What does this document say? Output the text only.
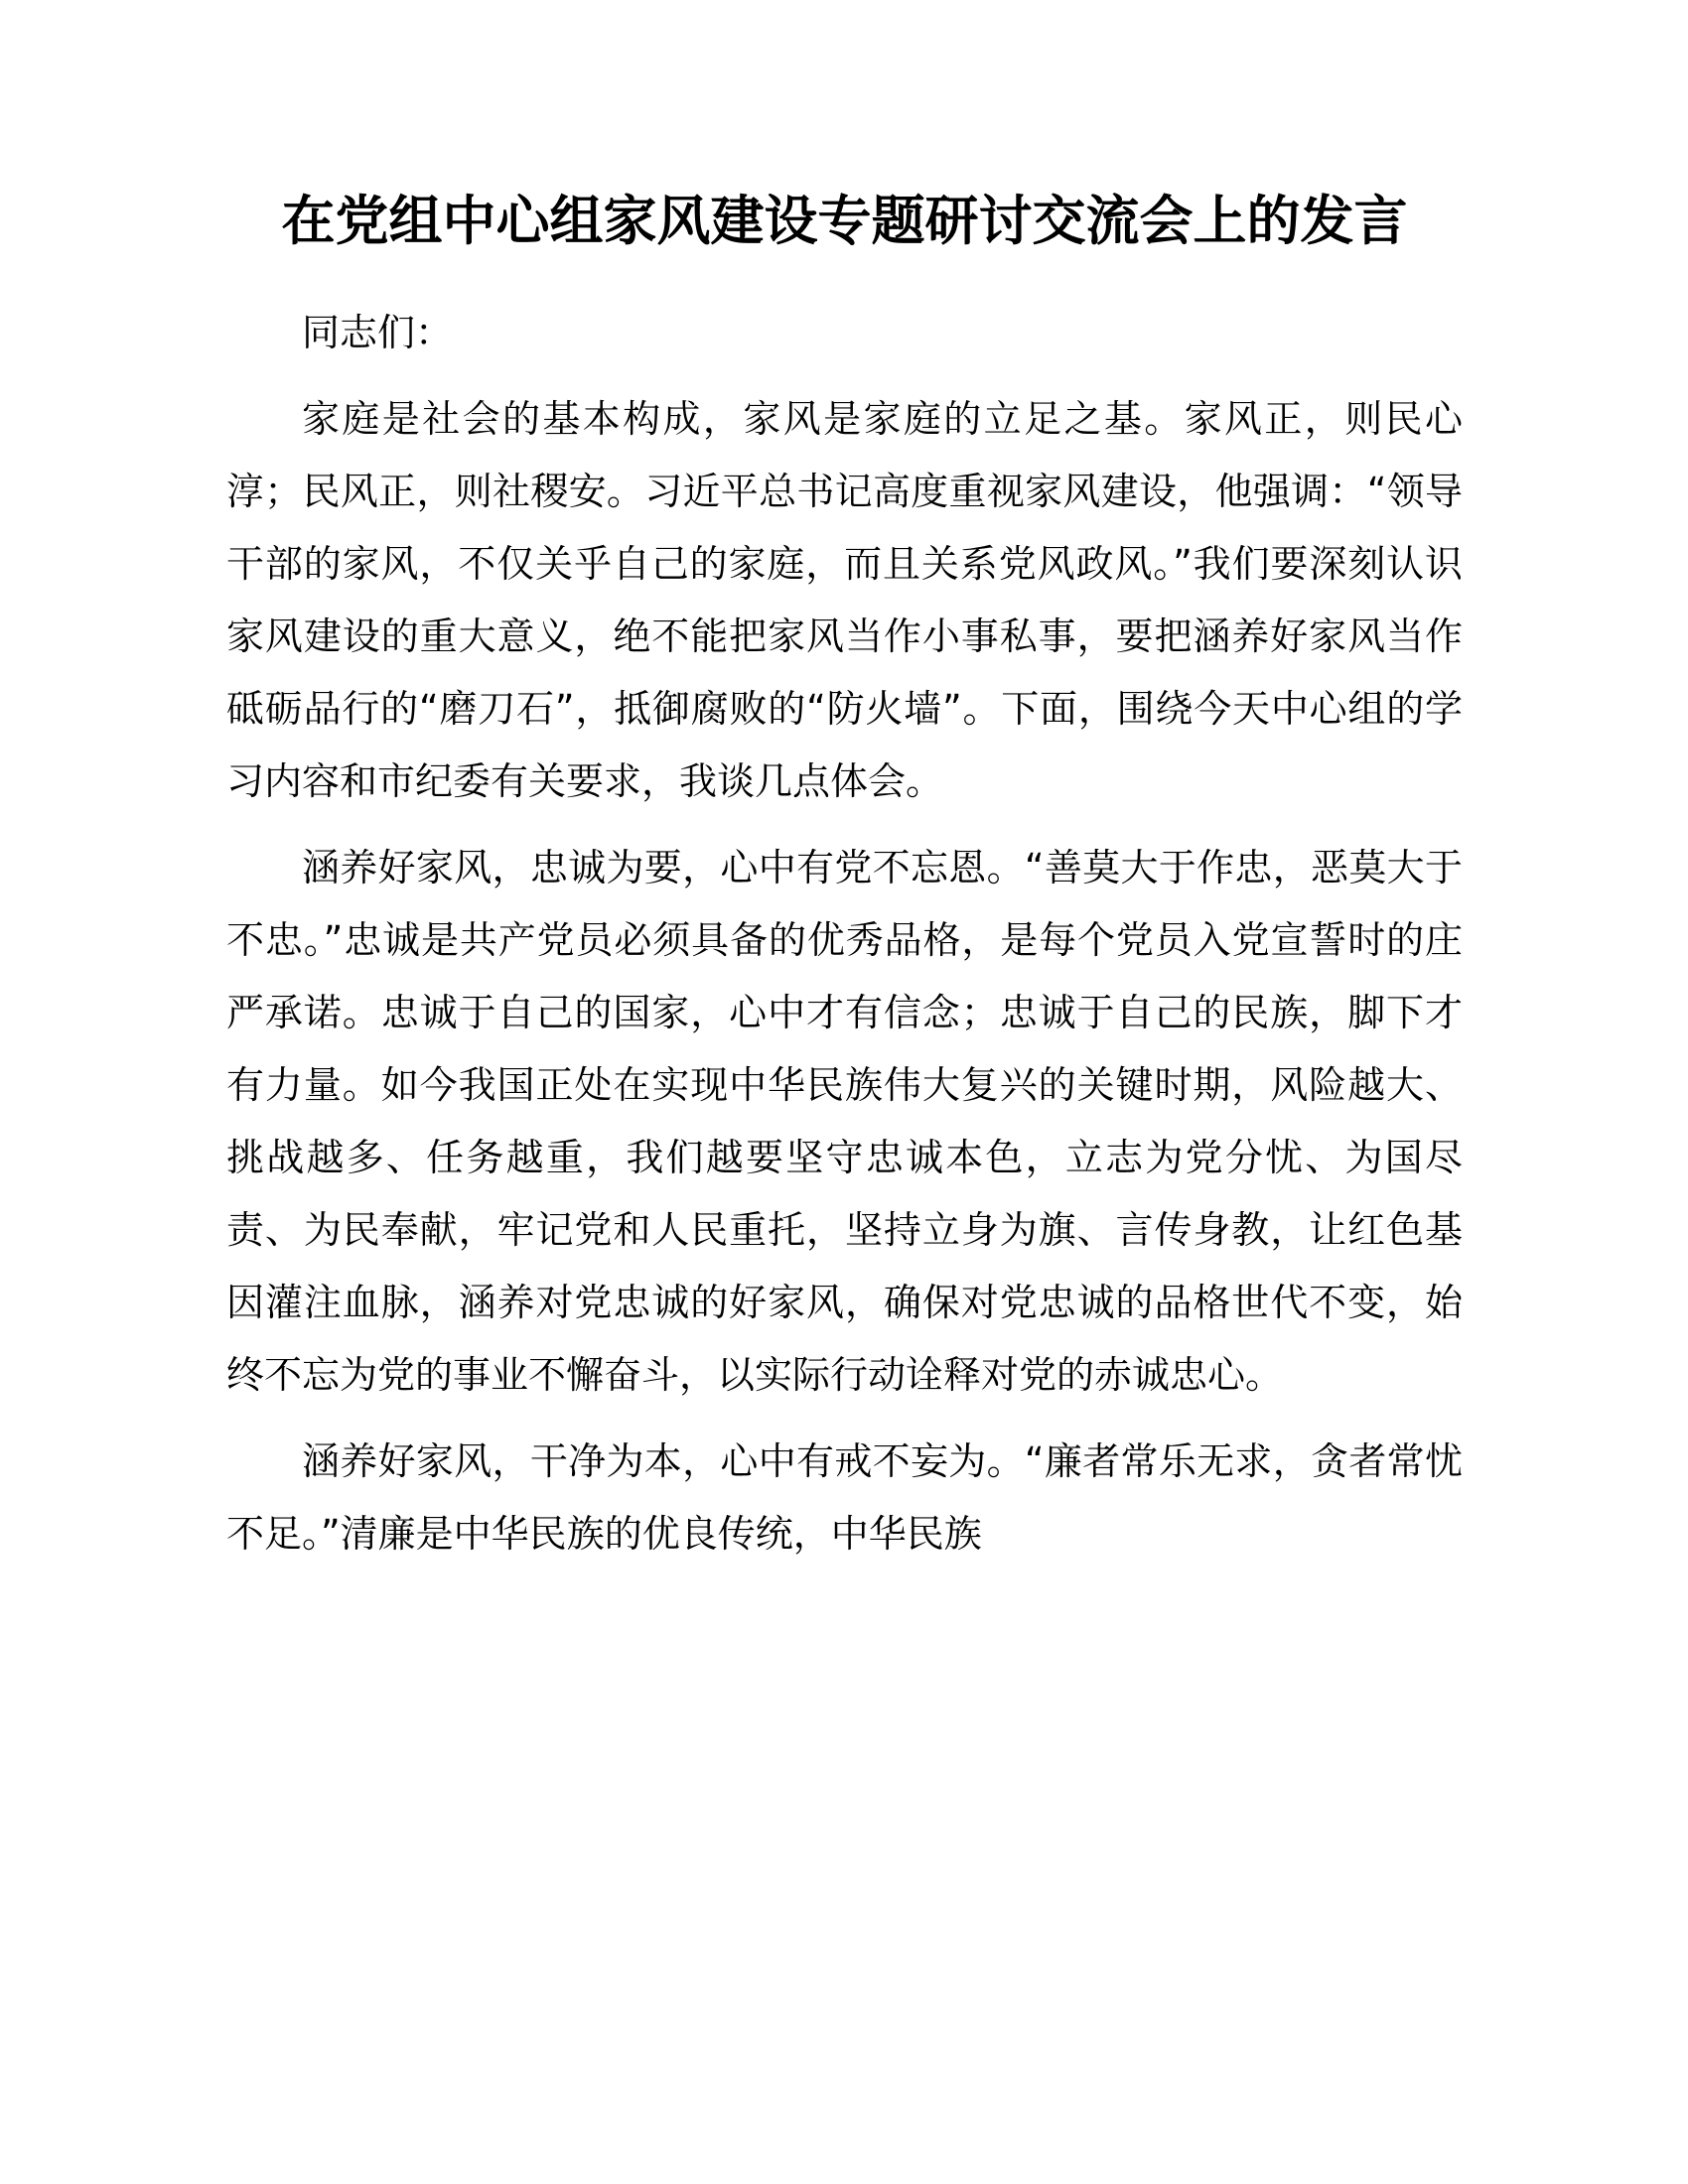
在党组中心组家风建设专题研讨交流会上的发言

同志们：

家庭是社会的基本构成，家风是家庭的立足之基。家风正，则民心淳；民风正，则社稷安。习近平总书记高度重视家风建设，他强调：“领导干部的家风，不仅关乎自己的家庭，而且关系党风政风。”我们要深刻认识家风建设的重大意义，绝不能把家风当作小事私事，要把涵养好家风当作砥砺品行的“磨刀石”，抵御腐败的“防火墙”。下面，围绕今天中心组的学习内容和市纪委有关要求，我谈几点体会。

涵养好家风，忠诚为要，心中有党不忘恩。“善莫大于作忠，恶莫大于不忠。”忠诚是共产党员必须具备的优秀品格，是每个党员入党宣誓时的庄严承诺。忠诚于自己的国家，心中才有信念；忠诚于自己的民族，脚下才有力量。如今我国正处在实现中华民族伟大复兴的关键时期，风险越大、挑战越多、任务越重，我们越要坚守忠诚本色，立志为党分忧、为国尽责、为民奉献，牢记党和人民重托，坚持立身为旗、言传身教，让红色基因灌注血脉，涵养对党忠诚的好家风，确保对党忠诚的品格世代不变，始终不忘为党的事业不懈奋斗，以实际行动诠释对党的赤诚忠心。

涵养好家风，干净为本，心中有戒不妄为。“廉者常乐无求，贪者常忧不足。”清廉是中华民族的优良传统，中华民族
